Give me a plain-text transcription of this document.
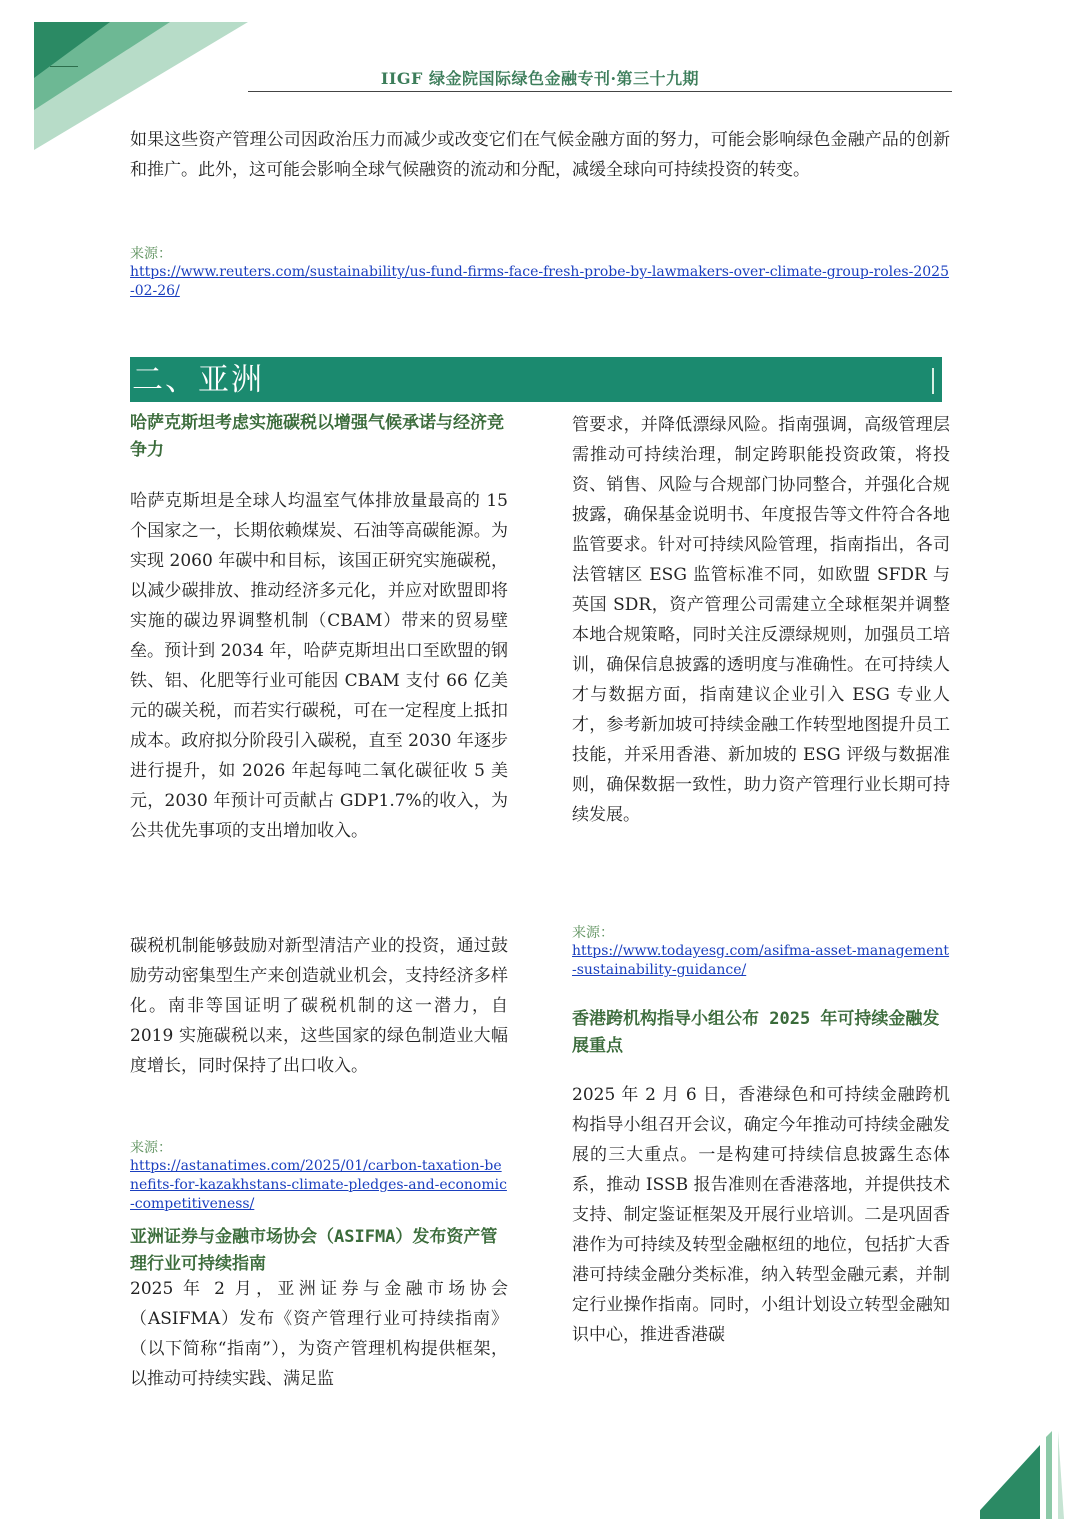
IIGF 绿金院国际绿色金融专刊·第三十九期
如果这些资产管理公司因政治压力而减少或改变它们在气候金融方面的努力，可能会影响绿色金融产品的创新和推广。此外，这可能会影响全球气候融资的流动和分配，减缓全球向可持续投资的转变。
来源：
https://www.reuters.com/sustainability/us-fund-firms-face-fresh-probe-by-lawmakers-over-climate-group-roles-2025-02-26/
二、亚洲
哈萨克斯坦考虑实施碳税以增强气候承诺与经济竞争力
哈萨克斯坦是全球人均温室气体排放量最高的 15 个国家之一，长期依赖煤炭、石油等高碳能源。为实现 2060 年碳中和目标，该国正研究实施碳税，以减少碳排放、推动经济多元化，并应对欧盟即将实施的碳边界调整机制（CBAM）带来的贸易壁垒。预计到 2034 年，哈萨克斯坦出口至欧盟的钢铁、铝、化肥等行业可能因 CBAM 支付 66 亿美元的碳关税，而若实行碳税，可在一定程度上抵扣成本。政府拟分阶段引入碳税，直至 2030 年逐步进行提升，如 2026 年起每吨二氧化碳征收 5 美元，2030 年预计可贡献占 GDP1.7%的收入，为公共优先事项的支出增加收入。
碳税机制能够鼓励对新型清洁产业的投资，通过鼓励劳动密集型生产来创造就业机会，支持经济多样化。南非等国证明了碳税机制的这一潜力，自 2019 实施碳税以来，这些国家的绿色制造业大幅度增长，同时保持了出口收入。
来源：
https://astanatimes.com/2025/01/carbon-taxation-benefits-for-kazakhstans-climate-pledges-and-economic-competitiveness/
亚洲证券与金融市场协会（ASIFMA）发布资产管理行业可持续指南
2025 年 2 月，亚洲证券与金融市场协会（ASIFMA）发布《资产管理行业可持续指南》（以下简称“指南”），为资产管理机构提供框架，以推动可持续实践、满足监
管要求，并降低漂绿风险。指南强调，高级管理层需推动可持续治理，制定跨职能投资政策，将投资、销售、风险与合规部门协同整合，并强化合规披露，确保基金说明书、年度报告等文件符合各地监管要求。针对可持续风险管理，指南指出，各司法管辖区 ESG 监管标准不同，如欧盟 SFDR 与英国 SDR，资产管理公司需建立全球框架并调整本地合规策略，同时关注反漂绿规则，加强员工培训，确保信息披露的透明度与准确性。在可持续人才与数据方面，指南建议企业引入 ESG 专业人才，参考新加坡可持续金融工作转型地图提升员工技能，并采用香港、新加坡的 ESG 评级与数据准则，确保数据一致性，助力资产管理行业长期可持续发展。
来源：
https://www.todayesg.com/asifma-asset-management-sustainability-guidance/
香港跨机构指导小组公布 2025 年可持续金融发展重点
2025 年 2 月 6 日，香港绿色和可持续金融跨机构指导小组召开会议，确定今年推动可持续金融发展的三大重点。一是构建可持续信息披露生态体系，推动 ISSB 报告准则在香港落地，并提供技术支持、制定鉴证框架及开展行业培训。二是巩固香港作为可持续及转型金融枢纽的地位，包括扩大香港可持续金融分类标准，纳入转型金融元素，并制定行业操作指南。同时，小组计划设立转型金融知识中心，推进香港碳
